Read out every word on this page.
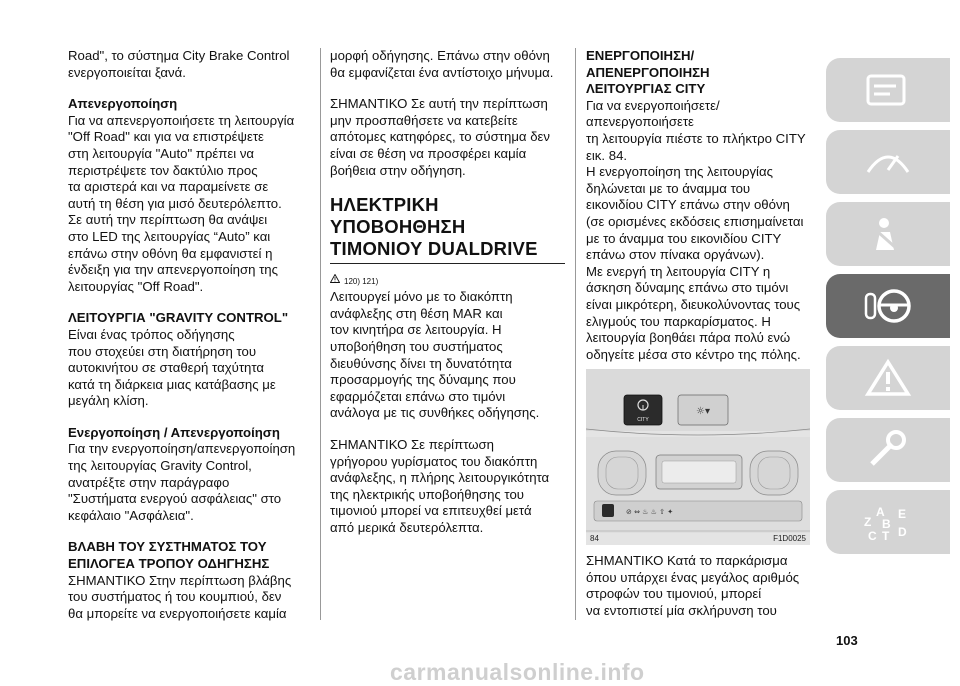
Road", το σύστημα City Brake Control
ενεργοποιείται ξανά.

Απενεργοποίηση

Για να απενεργοποιήσετε τη λειτουργία
"Off Road" και για να επιστρέψετε
στη λειτουργία "Auto" πρέπει να
περιστρέψετε τον δακτύλιο προς
τα αριστερά και να παραμείνετε σε
αυτή τη θέση για μισό δευτερόλεπτο.
Σε αυτή την περίπτωση θα ανάψει
στο LED της λειτουργίας “Auto” και
επάνω στην οθόνη θα εμφανιστεί η
ένδειξη για την απενεργοποίηση της
λειτουργίας "Off Road".

ΛΕΙΤΟΥΡΓΙΑ "GRAVITY CONTROL"

Είναι ένας τρόπος οδήγησης
που στοχεύει στη διατήρηση του
αυτοκινήτου σε σταθερή ταχύτητα
κατά τη διάρκεια μιας κατάβασης με
μεγάλη κλίση.

Ενεργοποίηση / Απενεργοποίηση

Για την ενεργοποίηση/απενεργοποίηση
της λειτουργίας Gravity Control,
ανατρέξτε στην παράγραφο
"Συστήματα ενεργού ασφάλειας" στο
κεφάλαιο "Ασφάλεια".

ΒΛΑΒΗ ΤΟΥ ΣΥΣΤΗΜΑΤΟΣ ΤΟΥ
ΕΠΙΛΟΓΕΑ ΤΡΟΠΟΥ ΟΔΗΓΗΣΗΣ

ΣΗΜΑΝΤΙΚΟ Στην περίπτωση βλάβης
του συστήματος ή του κουμπιού, δεν
θα μπορείτε να ενεργοποιήσετε καμία

μορφή οδήγησης. Επάνω στην οθόνη
θα εμφανίζεται ένα αντίστοιχο μήνυμα.

ΣΗΜΑΝΤΙΚΟ Σε αυτή την περίπτωση
μην προσπαθήσετε να κατεβείτε
απότομες κατηφόρες, το σύστημα δεν
είναι σε θέση να προσφέρει καμία
βοήθεια στην οδήγηση.

ΗΛΕΚΤΡΙΚΗ ΥΠΟΒΟΗΘΗΣΗ
ΤΙΜΟΝΙΟΥ DUALDRIVE

120) 121)

Λειτουργεί μόνο με το διακόπτη
ανάφλεξης στη θέση MAR και
τον κινητήρα σε λειτουργία. Η
υποβοήθηση του συστήματος
διευθύνσης δίνει τη δυνατότητα
προσαρμογής της δύναμης που
εφαρμόζεται επάνω στο τιμόνι
ανάλογα με τις συνθήκες οδήγησης.

ΣΗΜΑΝΤΙΚΟ Σε περίπτωση
γρήγορου γυρίσματος του διακόπτη
ανάφλεξης, η πλήρης λειτουργικότητα
της ηλεκτρικής υποβοήθησης του
τιμονιού μπορεί να επιτευχθεί μετά
από μερικά δευτερόλεπτα.

ΕΝΕΡΓΟΠΟΙΗΣΗ/
ΑΠΕΝΕΡΓΟΠΟΙΗΣΗ
ΛΕΙΤΟΥΡΓΙΑΣ CITY

Για να ενεργοποιήσετε/
απενεργοποιήσετε
τη λειτουργία πιέστε το πλήκτρο CITY
εικ. 84.

Η ενεργοποίηση της λειτουργίας
δηλώνεται με το άναμμα του
εικονιδίου CITY επάνω στην οθόνη
(σε ορισμένες εκδόσεις επισημαίνεται
με το άναμμα του εικονιδίου CITY
επάνω στον πίνακα οργάνων).

Με ενεργή τη λειτουργία CITY η
άσκηση δύναμης επάνω στο τιμόνι
είναι μικρότερη, διευκολύνοντας τους
ελιγμούς του παρκαρίσματος. Η
λειτουργία βοηθάει πάρα πολύ ενώ
οδηγείτε μέσα στο κέντρο της πόλης.

CITY
☼▾
⊘ ⇔ ♨ ♨ ⇧ ✦
84	F1D0025

ΣΗΜΑΝΤΙΚΟ Κατά το παρκάρισμα
όπου υπάρχει ένας μεγάλος αριθμός
στροφών του τιμονιού, μπορεί
να εντοπιστεί μία σκλήρυνση του

A
Z
E
B
C T D
103
carmanualsonline.info
